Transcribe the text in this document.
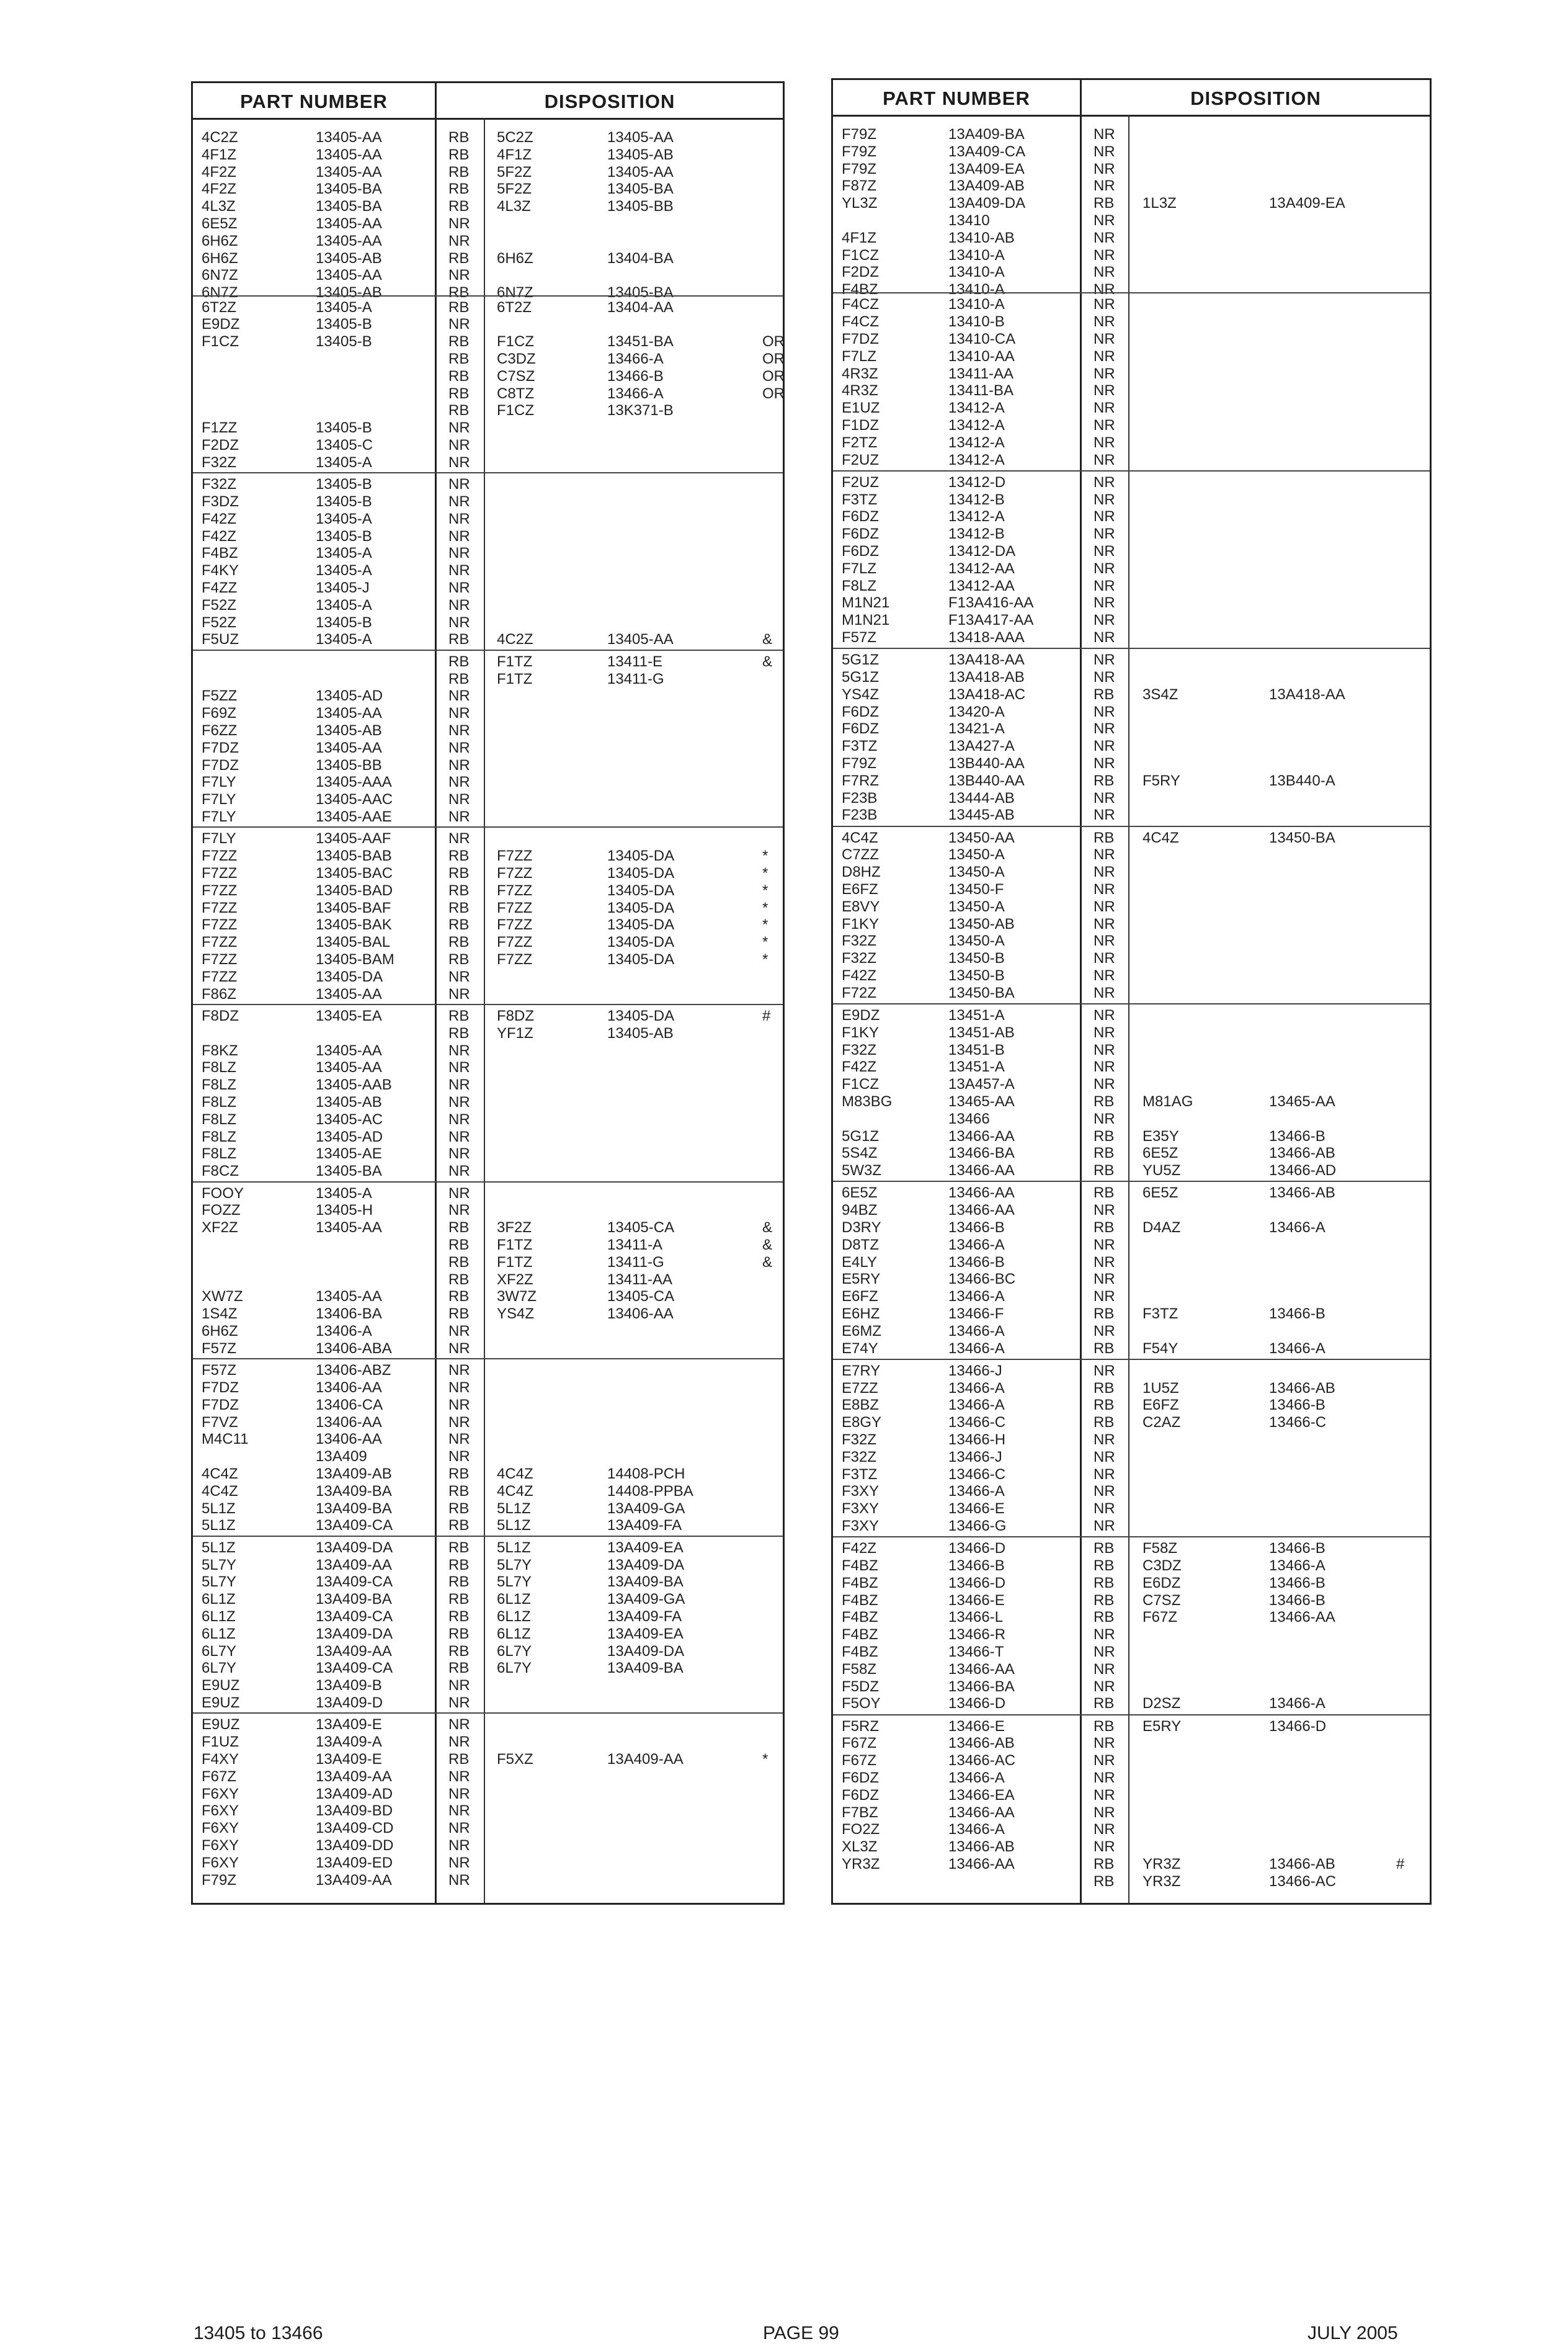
PART NUMBER	DISPOSITION
4C2Z	13405-AA	RB 5C2Z	13405-AA
4F1Z	13405-AA	RB 4F1Z	13405-AB
4F2Z	13405-AA	RB 5F2Z	13405-AA
4F2Z	13405-BA	RB 5F2Z	13405-BA
4L3Z	13405-BA	RB 4L3Z	13405-BB
6E5Z	13405-AA	NR
6H6Z	13405-AA	NR
6H6Z	13405-AB	RB 6H6Z	13404-BA
6N7Z	13405-AA	NR
6N7Z	13405-AB	RB 6N7Z	13405-BA
6T2Z	13405-A	RB 6T2Z	13404-AA
E9DZ	13405-B	NR
F1CZ	13405-B	RB F1CZ	13451-BA	OR
RB C3DZ	13466-A	OR
RB C7SZ	13466-B	OR
RB C8TZ	13466-A	OR
RB F1CZ	13K371-B
F1ZZ	13405-B	NR
F2DZ	13405-C	NR
F32Z	13405-A	NR
F32Z	13405-B	NR
F3DZ	13405-B	NR
F42Z	13405-A	NR
F42Z	13405-B	NR
F4BZ	13405-A	NR
F4KY	13405-A	NR
F4ZZ	13405-J	NR
F52Z	13405-A	NR
F52Z	13405-B	NR
F5UZ	13405-A	RB 4C2Z	13405-AA	&
RB F1TZ	13411-E	&
RB F1TZ	13411-G
F5ZZ	13405-AD	NR
F69Z	13405-AA	NR
F6ZZ	13405-AB	NR
F7DZ	13405-AA	NR
F7DZ	13405-BB	NR
F7LY	13405-AAA	NR
F7LY	13405-AAC	NR
F7LY	13405-AAE	NR
F7LY	13405-AAF	NR
F7ZZ	13405-BAB	RB F7ZZ	13405-DA	*
F7ZZ	13405-BAC	RB F7ZZ	13405-DA	*
F7ZZ	13405-BAD	RB F7ZZ	13405-DA	*
F7ZZ	13405-BAF	RB F7ZZ	13405-DA	*
F7ZZ	13405-BAK	RB F7ZZ	13405-DA	*
F7ZZ	13405-BAL	RB F7ZZ	13405-DA	*
F7ZZ	13405-BAM	RB F7ZZ	13405-DA	*
F7ZZ	13405-DA	NR
F86Z	13405-AA	NR
F8DZ	13405-EA	RB F8DZ	13405-DA	#
RB YF1Z	13405-AB
F8KZ	13405-AA	NR
F8LZ	13405-AA	NR
F8LZ	13405-AAB	NR
F8LZ	13405-AB	NR
F8LZ	13405-AC	NR
F8LZ	13405-AD	NR
F8LZ	13405-AE	NR
F8CZ	13405-BA	NR
FOOY	13405-A	NR
FOZZ	13405-H	NR
XF2Z	13405-AA	RB 3F2Z	13405-CA	&
RB F1TZ	13411-A	&
RB F1TZ	13411-G	&
RB XF2Z	13411-AA
XW7Z	13405-AA	RB 3W7Z	13405-CA
1S4Z	13406-BA	RB YS4Z	13406-AA
6H6Z	13406-A	NR
F57Z	13406-ABA	NR
F57Z	13406-ABZ	NR
F7DZ	13406-AA	NR
F7DZ	13406-CA	NR
F7VZ	13406-AA	NR
M4C11	13406-AA	NR
13A409	NR
4C4Z	13A409-AB	RB 4C4Z	14408-PCH
4C4Z	13A409-BA	RB 4C4Z	14408-PPBA
5L1Z	13A409-BA	RB 5L1Z	13A409-GA
5L1Z	13A409-CA	RB 5L1Z	13A409-FA
5L1Z	13A409-DA	RB 5L1Z	13A409-EA
5L7Y	13A409-AA	RB 5L7Y	13A409-DA
5L7Y	13A409-CA	RB 5L7Y	13A409-BA
6L1Z	13A409-BA	RB 6L1Z	13A409-GA
6L1Z	13A409-CA	RB 6L1Z	13A409-FA
6L1Z	13A409-DA	RB 6L1Z	13A409-EA
6L7Y	13A409-AA	RB 6L7Y	13A409-DA
6L7Y	13A409-CA	RB 6L7Y	13A409-BA
E9UZ	13A409-B	NR
E9UZ	13A409-D	NR
E9UZ	13A409-E	NR
F1UZ	13A409-A	NR
F4XY	13A409-E	RB F5XZ	13A409-AA	*
F67Z	13A409-AA	NR
F6XY	13A409-AD	NR
F6XY	13A409-BD	NR
F6XY	13A409-CD	NR
F6XY	13A409-DD	NR
F6XY	13A409-ED	NR
F79Z	13A409-AA	NR
PART NUMBER	DISPOSITION
F79Z	13A409-BA	NR
F79Z	13A409-CA	NR
F79Z	13A409-EA	NR
F87Z	13A409-AB	NR
YL3Z	13A409-DA	RB 1L3Z	13A409-EA
13410	NR
4F1Z	13410-AB	NR
F1CZ	13410-A	NR
F2DZ	13410-A	NR
F4BZ	13410-A	NR
F4CZ	13410-A	NR
F4CZ	13410-B	NR
F7DZ	13410-CA	NR
F7LZ	13410-AA	NR
4R3Z	13411-AA	NR
4R3Z	13411-BA	NR
E1UZ	13412-A	NR
F1DZ	13412-A	NR
F2TZ	13412-A	NR
F2UZ	13412-A	NR
F2UZ	13412-D	NR
F3TZ	13412-B	NR
F6DZ	13412-A	NR
F6DZ	13412-B	NR
F6DZ	13412-DA	NR
F7LZ	13412-AA	NR
F8LZ	13412-AA	NR
M1N21	F13A416-AA	NR
M1N21	F13A417-AA	NR
F57Z	13418-AAA	NR
5G1Z	13A418-AA	NR
5G1Z	13A418-AB	NR
YS4Z	13A418-AC	RB 3S4Z	13A418-AA
F6DZ	13420-A	NR
F6DZ	13421-A	NR
F3TZ	13A427-A	NR
F79Z	13B440-AA	NR
F7RZ	13B440-AA	RB F5RY	13B440-A
F23B	13444-AB	NR
F23B	13445-AB	NR
4C4Z	13450-AA	RB 4C4Z	13450-BA
C7ZZ	13450-A	NR
D8HZ	13450-A	NR
E6FZ	13450-F	NR
E8VY	13450-A	NR
F1KY	13450-AB	NR
F32Z	13450-A	NR
F32Z	13450-B	NR
F42Z	13450-B	NR
F72Z	13450-BA	NR
E9DZ	13451-A	NR
F1KY	13451-AB	NR
F32Z	13451-B	NR
F42Z	13451-A	NR
F1CZ	13A457-A	NR
M83BG	13465-AA	RB M81AG	13465-AA
13466	NR
5G1Z	13466-AA	RB E35Y	13466-B
5S4Z	13466-BA	RB 6E5Z	13466-AB
5W3Z	13466-AA	RB YU5Z	13466-AD
6E5Z	13466-AA	RB 6E5Z	13466-AB
94BZ	13466-AA	NR
D3RY	13466-B	RB D4AZ	13466-A
D8TZ	13466-A	NR
E4LY	13466-B	NR
E5RY	13466-BC	NR
E6FZ	13466-A	NR
E6HZ	13466-F	RB F3TZ	13466-B
E6MZ	13466-A	NR
E74Y	13466-A	RB F54Y	13466-A
E7RY	13466-J	NR
E7ZZ	13466-A	RB 1U5Z	13466-AB
E8BZ	13466-A	RB E6FZ	13466-B
E8GY	13466-C	RB C2AZ	13466-C
F32Z	13466-H	NR
F32Z	13466-J	NR
F3TZ	13466-C	NR
F3XY	13466-A	NR
F3XY	13466-E	NR
F3XY	13466-G	NR
F42Z	13466-D	RB F58Z	13466-B
F4BZ	13466-B	RB C3DZ	13466-A
F4BZ	13466-D	RB E6DZ	13466-B
F4BZ	13466-E	RB C7SZ	13466-B
F4BZ	13466-L	RB F67Z	13466-AA
F4BZ	13466-R	NR
F4BZ	13466-T	NR
F58Z	13466-AA	NR
F5DZ	13466-BA	NR
F5OY	13466-D	RB D2SZ	13466-A
F5RZ	13466-E	RB E5RY	13466-D
F67Z	13466-AB	NR
F67Z	13466-AC	NR
F6DZ	13466-A	NR
F6DZ	13466-EA	NR
F7BZ	13466-AA	NR
FO2Z	13466-A	NR
XL3Z	13466-AB	NR
YR3Z	13466-AA	RB YR3Z	13466-AB	#
RB YR3Z	13466-AC
13405 to 13466	PAGE 99	JULY 2005
